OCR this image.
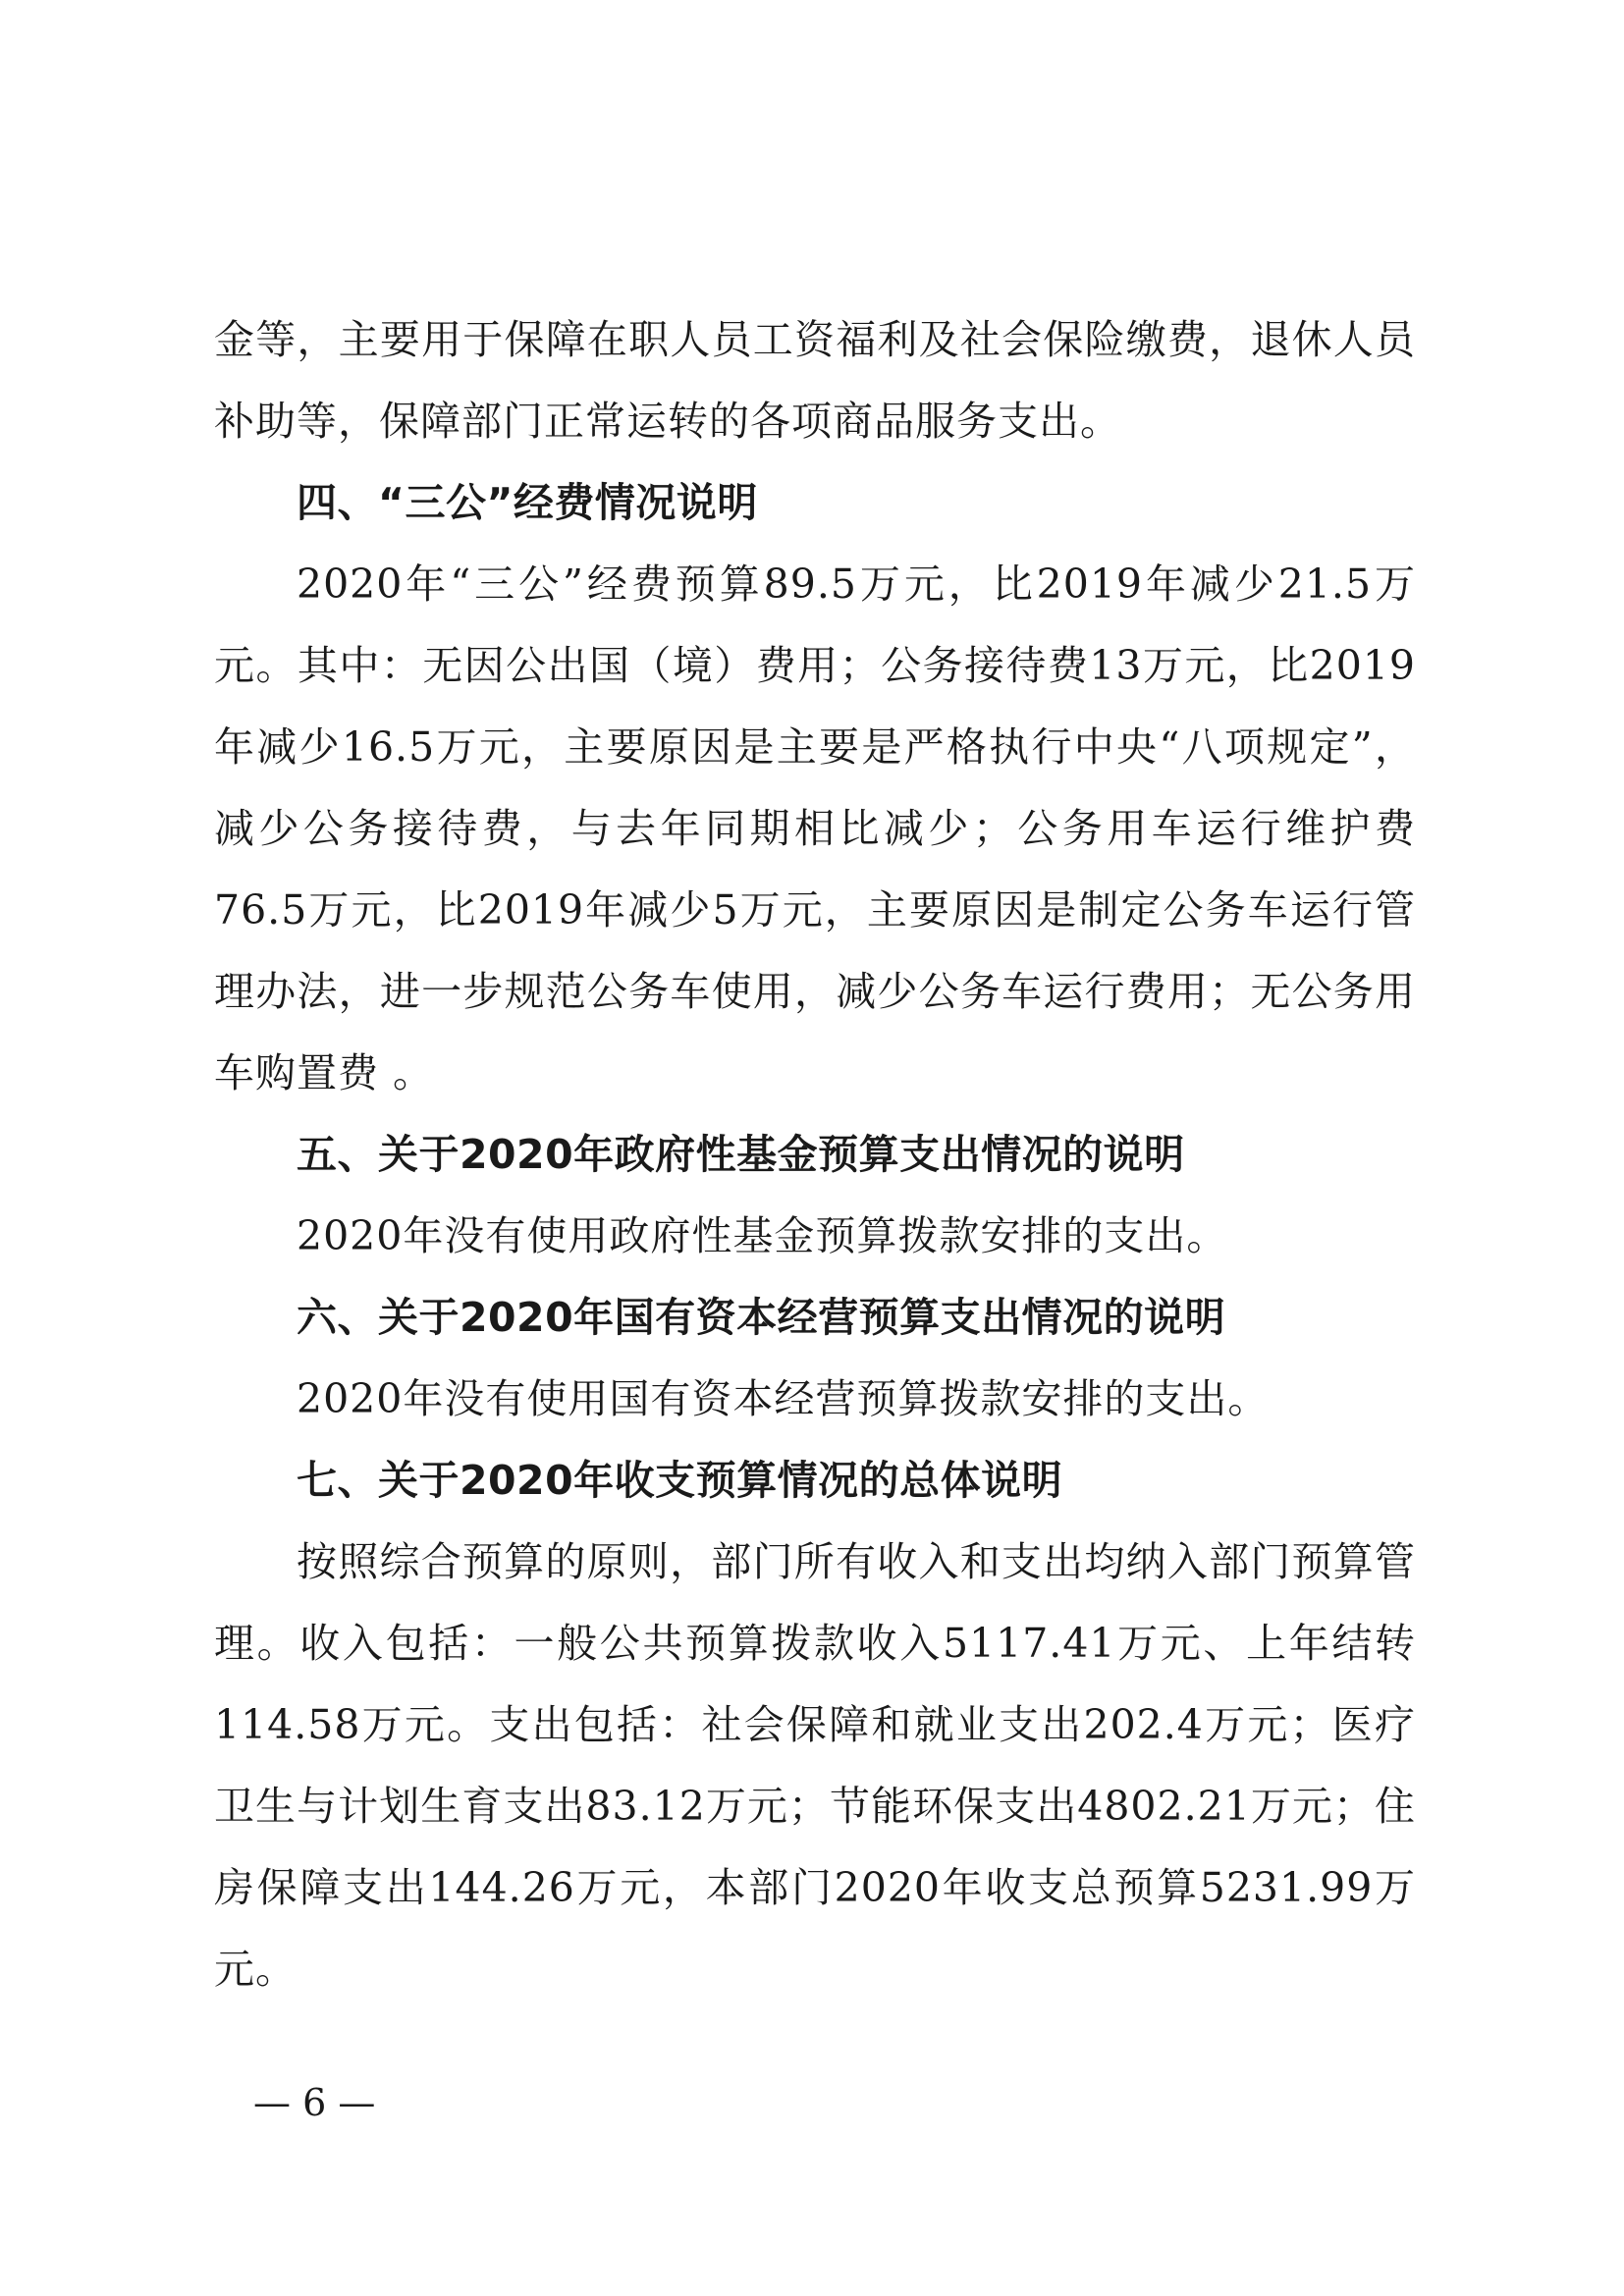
金等，主要用于保障在职人员工资福利及社会保险缴费，退休人员补助等，保障部门正常运转的各项商品服务支出。

四、“三公”经费情况说明

2020年“三公”经费预算89.5万元，比2019年减少21.5万元。其中：无因公出国（境）费用；公务接待费13万元，比2019年减少16.5万元，主要原因是主要是严格执行中央“八项规定”，减少公务接待费，与去年同期相比减少；公务用车运行维护费76.5万元，比2019年减少5万元，主要原因是制定公务车运行管理办法，进一步规范公务车使用，减少公务车运行费用；无公务用车购置费 。

五、关于2020年政府性基金预算支出情况的说明

2020年没有使用政府性基金预算拨款安排的支出。

六、关于2020年国有资本经营预算支出情况的说明

2020年没有使用国有资本经营预算拨款安排的支出。

七、关于2020年收支预算情况的总体说明

按照综合预算的原则，部门所有收入和支出均纳入部门预算管理。收入包括：一般公共预算拨款收入5117.41万元、上年结转114.58万元。支出包括：社会保障和就业支出202.4万元；医疗卫生与计划生育支出83.12万元；节能环保支出4802.21万元；住房保障支出144.26万元，本部门2020年收支总预算5231.99万元。

— 6 —
